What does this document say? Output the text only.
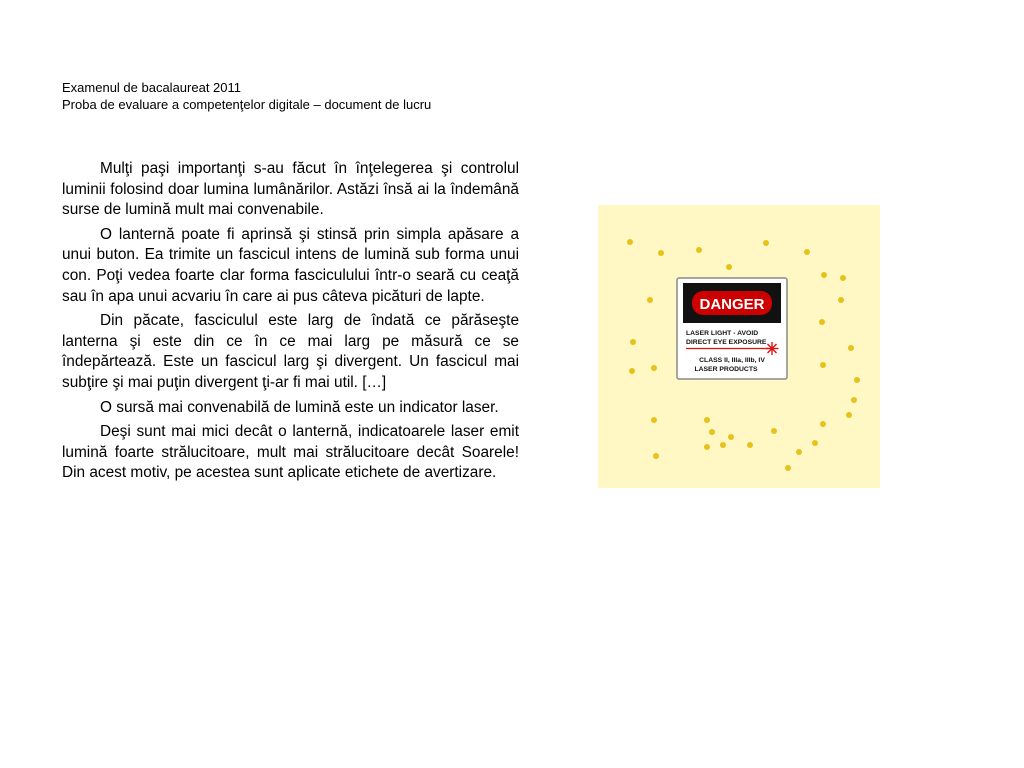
Examenul de bacalaureat 2011
Proba de evaluare a competenţelor digitale – document de lucru

Mulţi paşi importanţi s-au făcut în înţelegerea şi controlul luminii folosind doar lumina lumânărilor. Astăzi însă ai la îndemână surse de lumină mult mai convenabile.

O lanternă poate fi aprinsă şi stinsă prin simpla apăsare a unui buton. Ea trimite un fascicul intens de lumină sub forma unui con. Poţi vedea foarte clar forma fasciculului într-o seară cu ceaţă sau în apa unui acvariu în care ai pus câteva picături de lapte.

Din păcate, fasciculul este larg de îndată ce părăseşte lanterna şi este din ce în ce mai larg pe măsură ce se îndepărtează. Este un fascicul larg şi divergent. Un fascicul mai subţire şi mai puţin divergent ţi-ar fi mai util. […]

O sursă mai convenabilă de lumină este un indicator laser.

Deşi sunt mai mici decât o lanternă, indicatoarele laser emit lumină foarte strălucitoare, mult mai strălucitoare decât Soarele! Din acest motiv, pe acestea sunt aplicate etichete de avertizare.

DANGER
LASER LIGHT - AVOID
DIRECT EYE EXPOSURE
CLASS II, IIIa, IIIb, IV
LASER PRODUCTS
